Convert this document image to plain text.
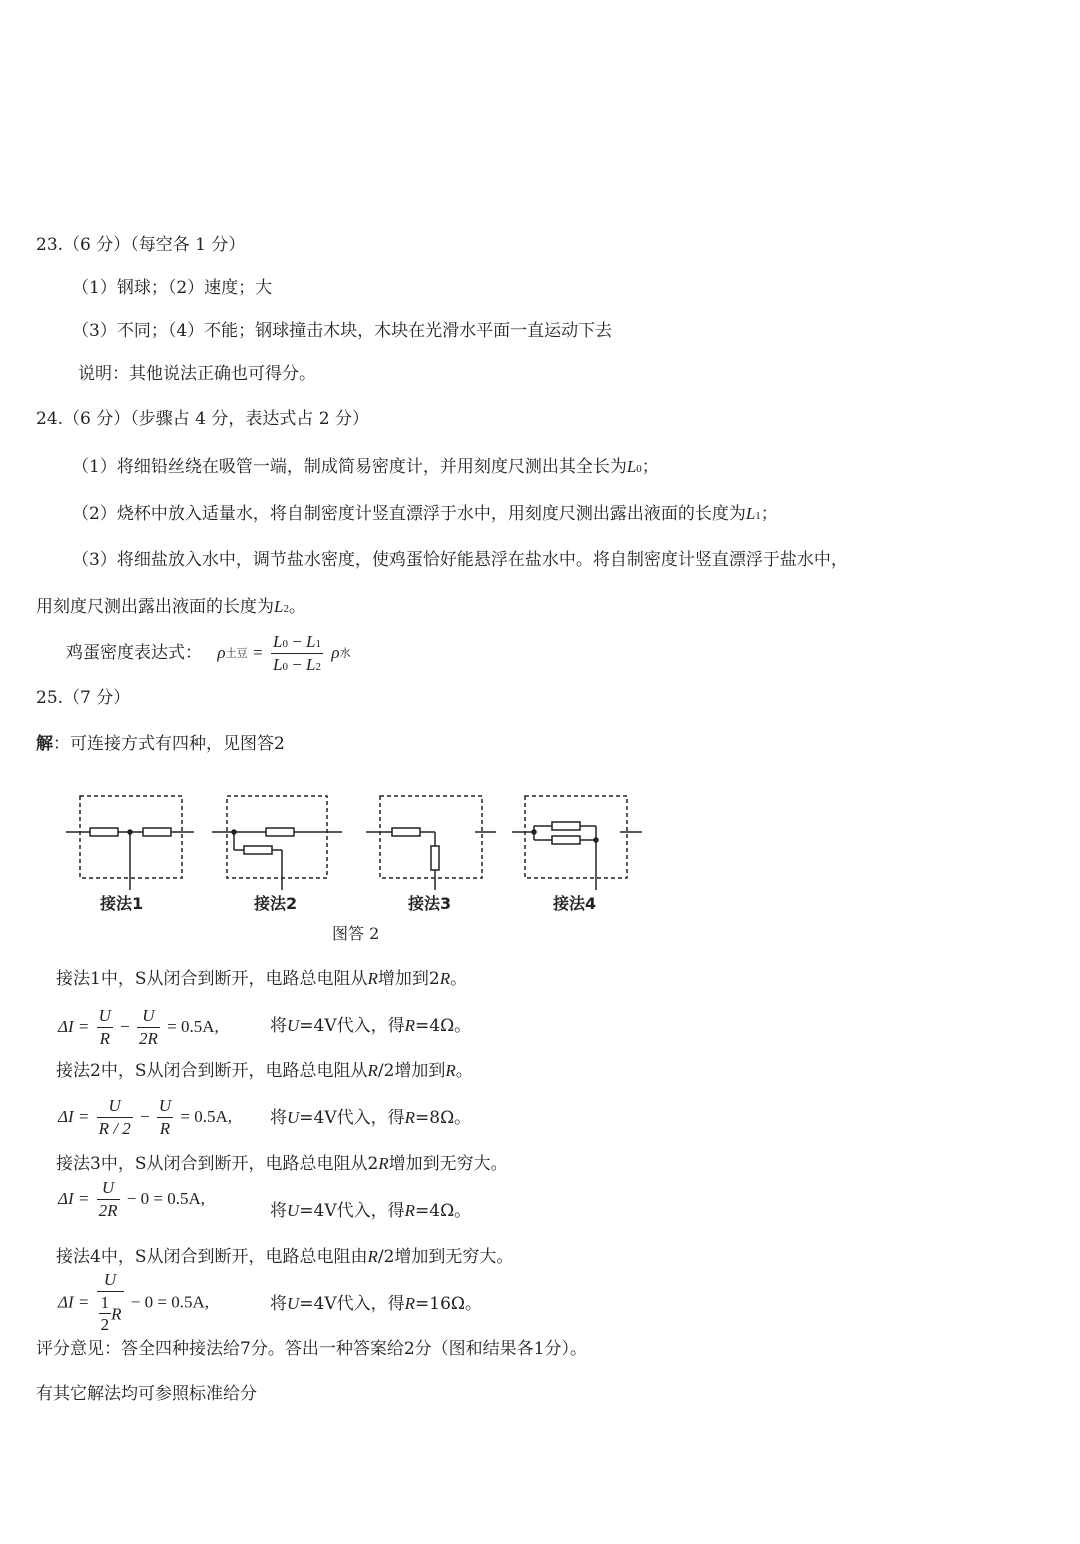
23.（6 分）（每空各 1 分）
（1）钢球；（2）速度；大
（3）不同；（4）不能；钢球撞击木块，木块在光滑水平面一直运动下去
说明：其他说法正确也可得分。
24.（6 分）（步骤占 4 分，表达式占 2 分）
（1）将细铅丝绕在吸管一端，制成简易密度计，并用刻度尺测出其全长为L0；
（2）烧杯中放入适量水，将自制密度计竖直漂浮于水中，用刻度尺测出露出液面的长度为L1；
（3）将细盐放入水中，调节盐水密度，使鸡蛋恰好能悬浮在盐水中。将自制密度计竖直漂浮于盐水中，
用刻度尺测出露出液面的长度为L2。
鸡蛋密度表达式： ρ土豆 = $\frac{L0 - L1}{L0 - L2}$ ρ水
25.（7 分）
解：可连接方式有四种，见图答2
接法1	接法2	接法3	接法4
图答 2
接法1中，S从闭合到断开，电路总电阻从R增加到2R。
$\Delta I = \frac{U}{R} - \frac{U}{2R} = 0.5A$,	将U=4V代入，得R=4Ω。
接法2中，S从闭合到断开，电路总电阻从R/2增加到R。
$\Delta I = \frac{U}{R / 2} - \frac{U}{R} = 0.5A$, 将U=4V代入，得R=8Ω。
接法3中，S从闭合到断开，电路总电阻从2R增加到无穷大。
$\Delta I = \frac{U}{2R} - 0 = 0.5A$,
将U=4V代入，得R=4Ω。
接法4中，S从闭合到断开，电路总电阻由R/2增加到无穷大。
$\Delta I = \frac{U}{\frac{1}{2} R} - 0 = 0.5A$,	将U=4V代入，得R=16Ω。
评分意见：答全四种接法给7分。答出一种答案给2分（图和结果各1分）。
有其它解法均可参照标准给分
